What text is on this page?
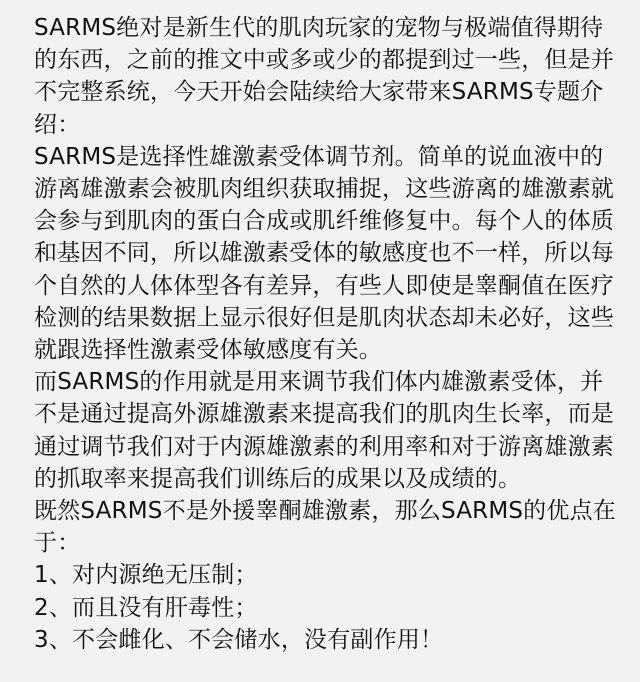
SARMS绝对是新生代的肌肉玩家的宠物与极端值得期待
的东西，之前的推文中或多或少的都提到过一些，但是并
不完整系统，今天开始会陆续给大家带来SARMS专题介
绍：
SARMS是选择性雄激素受体调节剂。简单的说血液中的
游离雄激素会被肌肉组织获取捕捉，这些游离的雄激素就
会参与到肌肉的蛋白合成或肌纤维修复中。每个人的体质
和基因不同，所以雄激素受体的敏感度也不一样，所以每
个自然的人体体型各有差异，有些人即使是睾酮值在医疗
检测的结果数据上显示很好但是肌肉状态却未必好，这些
就跟选择性激素受体敏感度有关。
而SARMS的作用就是用来调节我们体内雄激素受体，并
不是通过提高外源雄激素来提高我们的肌肉生长率，而是
通过调节我们对于内源雄激素的利用率和对于游离雄激素
的抓取率来提高我们训练后的成果以及成绩的。
既然SARMS不是外援睾酮雄激素，那么SARMS的优点在
于：
1、对内源绝无压制；
2、而且没有肝毒性；
3、不会雌化、不会储水，没有副作用！
